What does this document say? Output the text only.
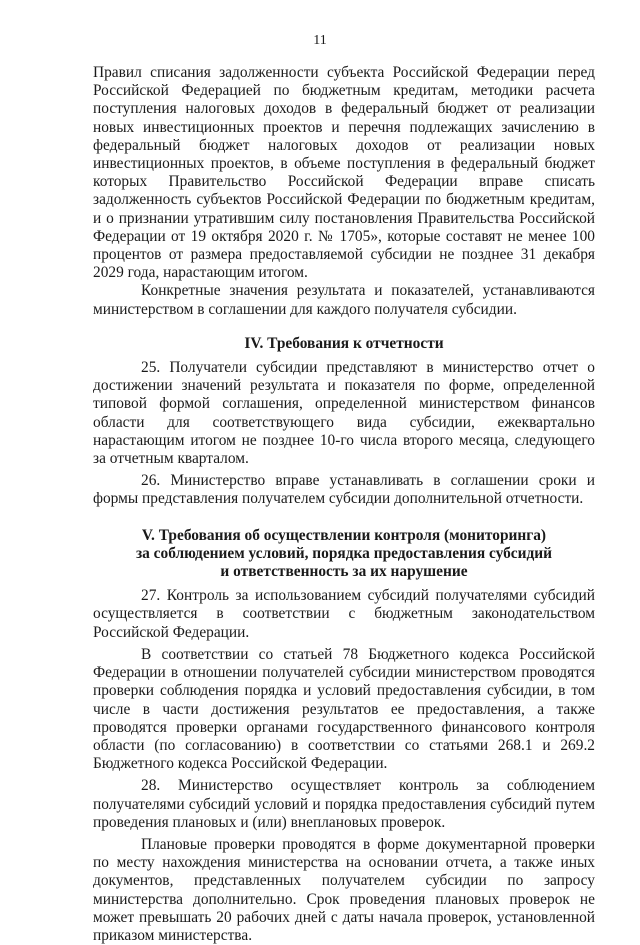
11

Правил списания задолженности субъекта Российской Федерации перед Российской Федерацией по бюджетным кредитам, методики расчета поступления налоговых доходов в федеральный бюджет от реализации новых инвестиционных проектов и перечня подлежащих зачислению в федеральный бюджет налоговых доходов от реализации новых инвестиционных проектов, в объеме поступления в федеральный бюджет которых Правительство Российской Федерации вправе списать задолженность субъектов Российской Федерации по бюджетным кредитам, и о признании утратившим силу постановления Правительства Российской Федерации от 19 октября 2020 г. № 1705», которые составят не менее 100 процентов от размера предоставляемой субсидии не позднее 31 декабря 2029 года, нарастающим итогом.

Конкретные значения результата и показателей, устанавливаются министерством в соглашении для каждого получателя субсидии.

IV. Требования к отчетности

25. Получатели субсидии представляют в министерство отчет о достижении значений результата и показателя по форме, определенной типовой формой соглашения, определенной министерством финансов области для соответствующего вида субсидии, ежеквартально нарастающим итогом не позднее 10-го числа второго месяца, следующего за отчетным кварталом.

26. Министерство вправе устанавливать в соглашении сроки и формы представления получателем субсидии дополнительной отчетности.

V. Требования об осуществлении контроля (мониторинга)
за соблюдением условий, порядка предоставления субсидий
и ответственность за их нарушение

27. Контроль за использованием субсидий получателями субсидий осуществляется в соответствии с бюджетным законодательством Российской Федерации.

В соответствии со статьей 78 Бюджетного кодекса Российской Федерации в отношении получателей субсидии министерством проводятся проверки соблюдения порядка и условий предоставления субсидии, в том числе в части достижения результатов ее предоставления, а также проводятся проверки органами государственного финансового контроля области (по согласованию) в соответствии со статьями 268.1 и 269.2 Бюджетного кодекса Российской Федерации.

28. Министерство осуществляет контроль за соблюдением получателями субсидий условий и порядка предоставления субсидий путем проведения плановых и (или) внеплановых проверок.

Плановые проверки проводятся в форме документарной проверки по месту нахождения министерства на основании отчета, а также иных документов, представленных получателем субсидии по запросу министерства дополнительно. Срок проведения плановых проверок не может превышать 20 рабочих дней с даты начала проверок, установленной приказом министерства.
